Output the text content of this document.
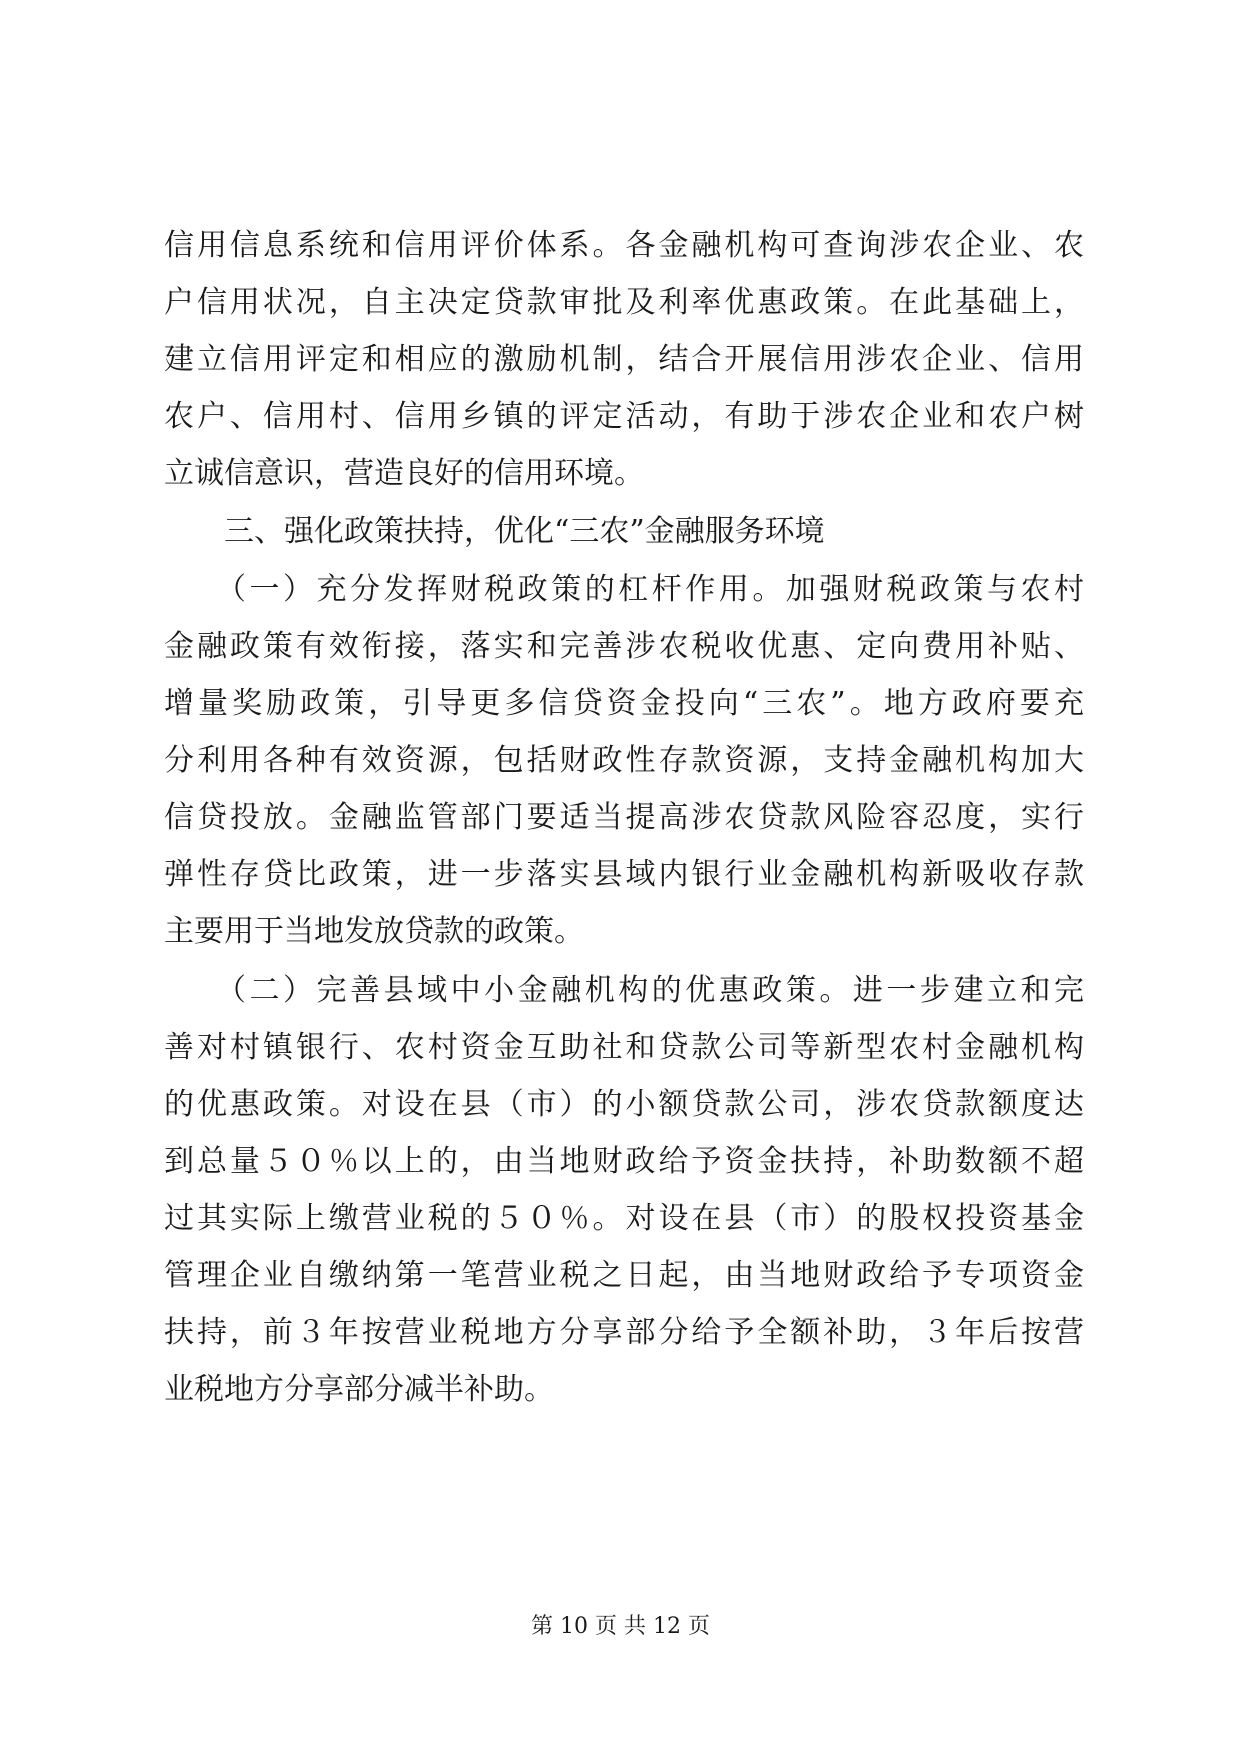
信用信息系统和信用评价体系。各金融机构可查询涉农企业、农
户信用状况，自主决定贷款审批及利率优惠政策。在此基础上，
建立信用评定和相应的激励机制，结合开展信用涉农企业、信用
农户、信用村、信用乡镇的评定活动，有助于涉农企业和农户树
立诚信意识，营造良好的信用环境。
三、强化政策扶持，优化“三农”金融服务环境
（一）充分发挥财税政策的杠杆作用。加强财税政策与农村
金融政策有效衔接，落实和完善涉农税收优惠、定向费用补贴、
增量奖励政策，引导更多信贷资金投向“三农”。地方政府要充
分利用各种有效资源，包括财政性存款资源，支持金融机构加大
信贷投放。金融监管部门要适当提高涉农贷款风险容忍度，实行
弹性存贷比政策，进一步落实县域内银行业金融机构新吸收存款
主要用于当地发放贷款的政策。
（二）完善县域中小金融机构的优惠政策。进一步建立和完
善对村镇银行、农村资金互助社和贷款公司等新型农村金融机构
的优惠政策。对设在县（市）的小额贷款公司，涉农贷款额度达
到总量５０％以上的，由当地财政给予资金扶持，补助数额不超
过其实际上缴营业税的５０％。对设在县（市）的股权投资基金
管理企业自缴纳第一笔营业税之日起，由当地财政给予专项资金
扶持，前３年按营业税地方分享部分给予全额补助，３年后按营
业税地方分享部分减半补助。
第 10 页 共 12 页
